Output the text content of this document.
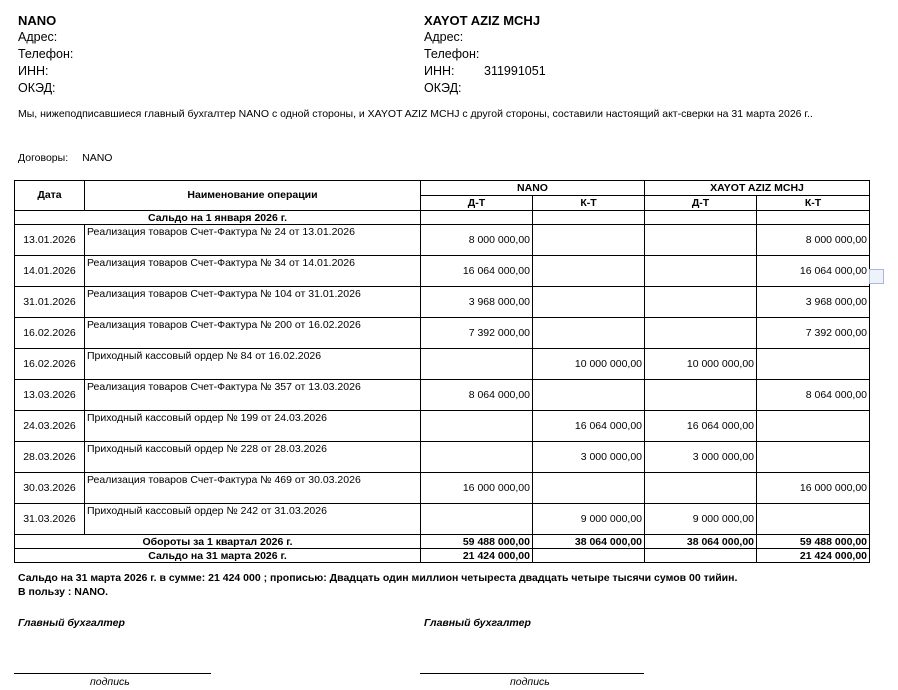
NANO
Адрес:
Телефон:
ИНН:
ОКЭД:
XAYOT AZIZ MCHJ
Адрес:
Телефон:
ИНН:	311991051
ОКЭД:
Мы, нижеподписавшиеся главный бухгалтер NANO с одной стороны, и XAYOT AZIZ MCHJ с другой стороны, составили настоящий акт-сверки на 31 марта 2026 г..
Договоры: NANO
Дата	Наименование операции	NANO		XAYOT AZIZ MCHJ	
		Д-Т	К-Т	Д-Т	К-Т
Сальдо на 1 января 2026 г.					
13.01.2026	Реализация товаров Счет-Фактура № 24 от 13.01.2026	8 000 000,00			8 000 000,00
14.01.2026	Реализация товаров Счет-Фактура № 34 от 14.01.2026	16 064 000,00			16 064 000,00
31.01.2026	Реализация товаров Счет-Фактура № 104 от 31.01.2026	3 968 000,00			3 968 000,00
16.02.2026	Реализация товаров Счет-Фактура № 200 от 16.02.2026	7 392 000,00			7 392 000,00
16.02.2026	Приходный кассовый ордер № 84 от 16.02.2026		10 000 000,00	10 000 000,00	
13.03.2026	Реализация товаров Счет-Фактура № 357 от 13.03.2026	8 064 000,00			8 064 000,00
24.03.2026	Приходный кассовый ордер № 199 от 24.03.2026		16 064 000,00	16 064 000,00	
28.03.2026	Приходный кассовый ордер № 228 от 28.03.2026		3 000 000,00	3 000 000,00	
30.03.2026	Реализация товаров Счет-Фактура № 469 от 30.03.2026	16 000 000,00			16 000 000,00
31.03.2026	Приходный кассовый ордер № 242 от 31.03.2026		9 000 000,00	9 000 000,00	
Обороты за 1 квартал 2026 г.		59 488 000,00	38 064 000,00	38 064 000,00	59 488 000,00
Сальдо на 31 марта 2026 г.		21 424 000,00			21 424 000,00
Сальдо на 31 марта 2026 г. в сумме: 21 424 000 ; прописью: Двадцать один миллион четыреста двадцать четыре тысячи сумов 00 тийин.
В пользу : NANO.
Главный бухгалтер	Главный бухгалтер
подпись	подпись
